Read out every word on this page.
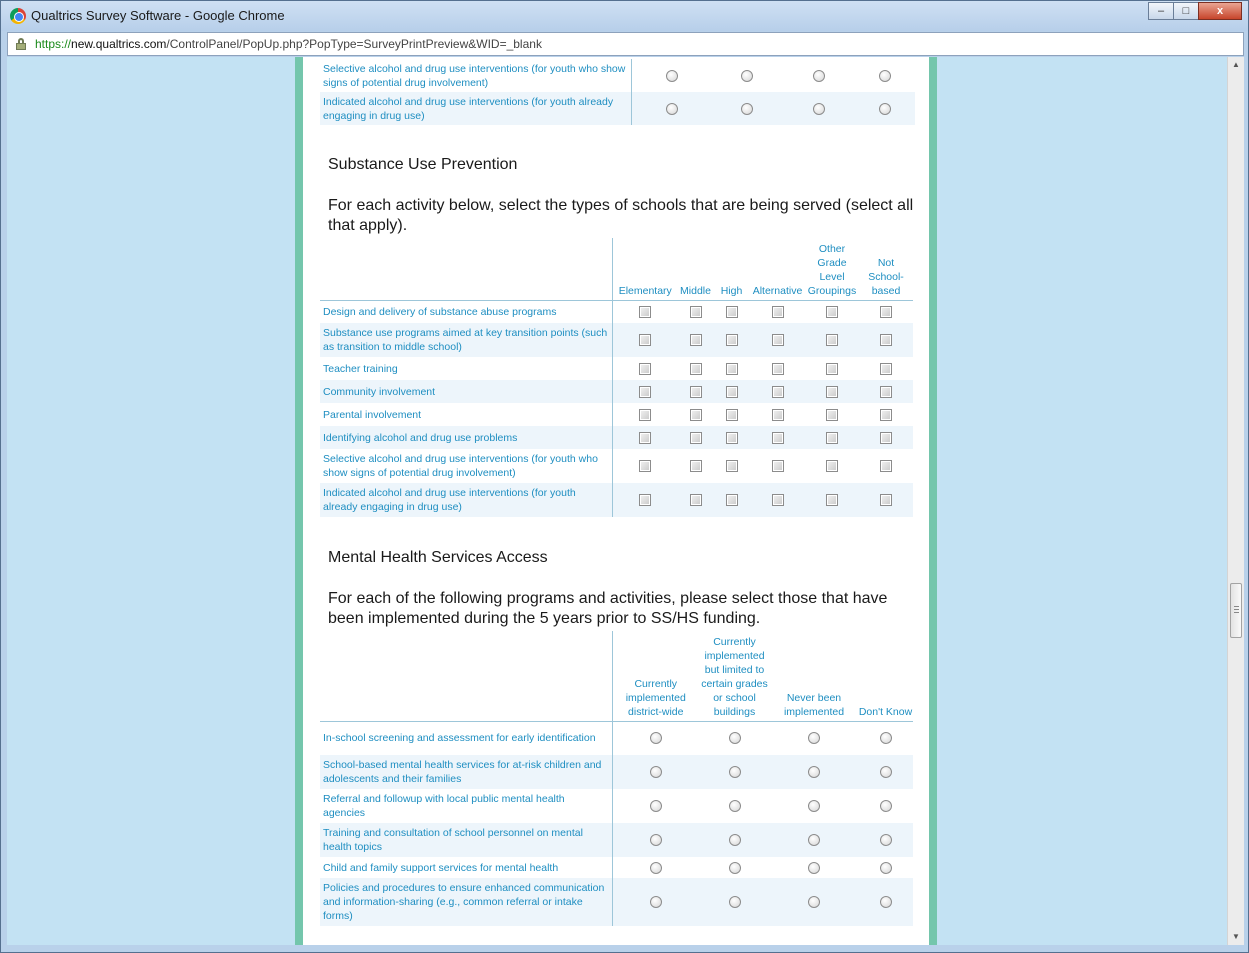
Qualtrics Survey Software - Google Chrome	–	□	x
https://new.qualtrics.com/ControlPanel/PopUp.php?PopType=SurveyPrintPreview&WID=_blank
Selective alcohol and drug use interventions (for youth who show signs of potential drug involvement)				
Indicated alcohol and drug use interventions (for youth already engaging in drug use)				
Substance Use Prevention
For each activity below, select the types of schools that are being served (select all that apply).
	Elementary	Middle	High	Alternative	Other Grade Level Groupings	Not School-based
Design and delivery of substance abuse programs						
Substance use programs aimed at key transition points (such as transition to middle school)						
Teacher training						
Community involvement						
Parental involvement						
Identifying alcohol and drug use problems						
Selective alcohol and drug use interventions (for youth who show signs of potential drug involvement)						
Indicated alcohol and drug use interventions (for youth already engaging in drug use)						
Mental Health Services Access
For each of the following programs and activities, please select those that have been implemented during the 5 years prior to SS/HS funding.
	Currently implemented district-wide	Currently implemented but limited to certain grades or school buildings	Never been implemented	Don't Know
In-school screening and assessment for early identification				
School-based mental health services for at-risk children and adolescents and their families				
Referral and followup with local public mental health agencies				
Training and consultation of school personnel on mental health topics				
Child and family support services for mental health				
Policies and procedures to ensure enhanced communication and information-sharing (e.g., common referral or intake forms)				
▲
▼
